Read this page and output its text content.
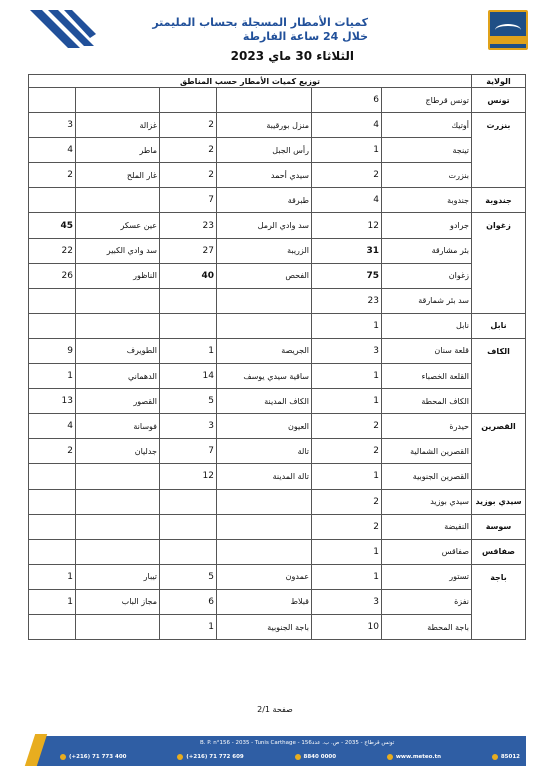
كميات الأمطار المسجلة بحساب المليمتر
خلال 24 ساعة الفارطة
الثلاثاء 30 ماي 2023
الولاية	توزيع كميات الأمطار حسب المناطق					
تونس	تونس قرطاج	6				
بنزرت	أوتيك	4	منزل بورقيبة	2	غزالة	3
	تينجة	1	رأس الجبل	2	ماطر	4
	بنزرت	2	سيدي أحمد	2	غار الملح	2
جندوبة	جندوبة	4	طبرقة	7		
زغوان	جرادو	12	سد وادي الرمل	23	عين عسكر	45
	بئر مشارقة	31	الزريبة	27	سد وادي الكبير	22
	زغوان	75	الفحص	40	الناظور	26
	سد بئر شمارقة	23				
نابل	نابل	1				
الكاف	قلعة سنان	3	الجريصة	1	الطويرف	9
	القلعة الخصباء	1	ساقية سيدي يوسف	14	الدهماني	1
	الكاف المحطة	1	الكاف المدينة	5	القصور	13
القصرين	حيدرة	2	العيون	3	فوسانة	4
	القصرين الشمالية	2	تالة	7	جدليان	2
	القصرين الجنوبية	1	تالة المدينة	12		
سيدي بوزيد	سيدي بوزيد	2				
سوسة	النفيضة	2				
صفاقس	صفاقس	1				
باجة	تستور	1	عمدون	5	تيبار	1
	نفزة	3	قبلاط	6	مجاز الباب	1
	باجة المحطة	10	باجة الجنوبية	1		
صفحة 2/1
B. P. n°156 - 2035 - Tunis Carthage - تونس قرطاج - 2035 - ص. ب. عدد156
(+216) 71 773 400	(+216) 71 772 609	8840 0000	www.meteo.tn	85012
